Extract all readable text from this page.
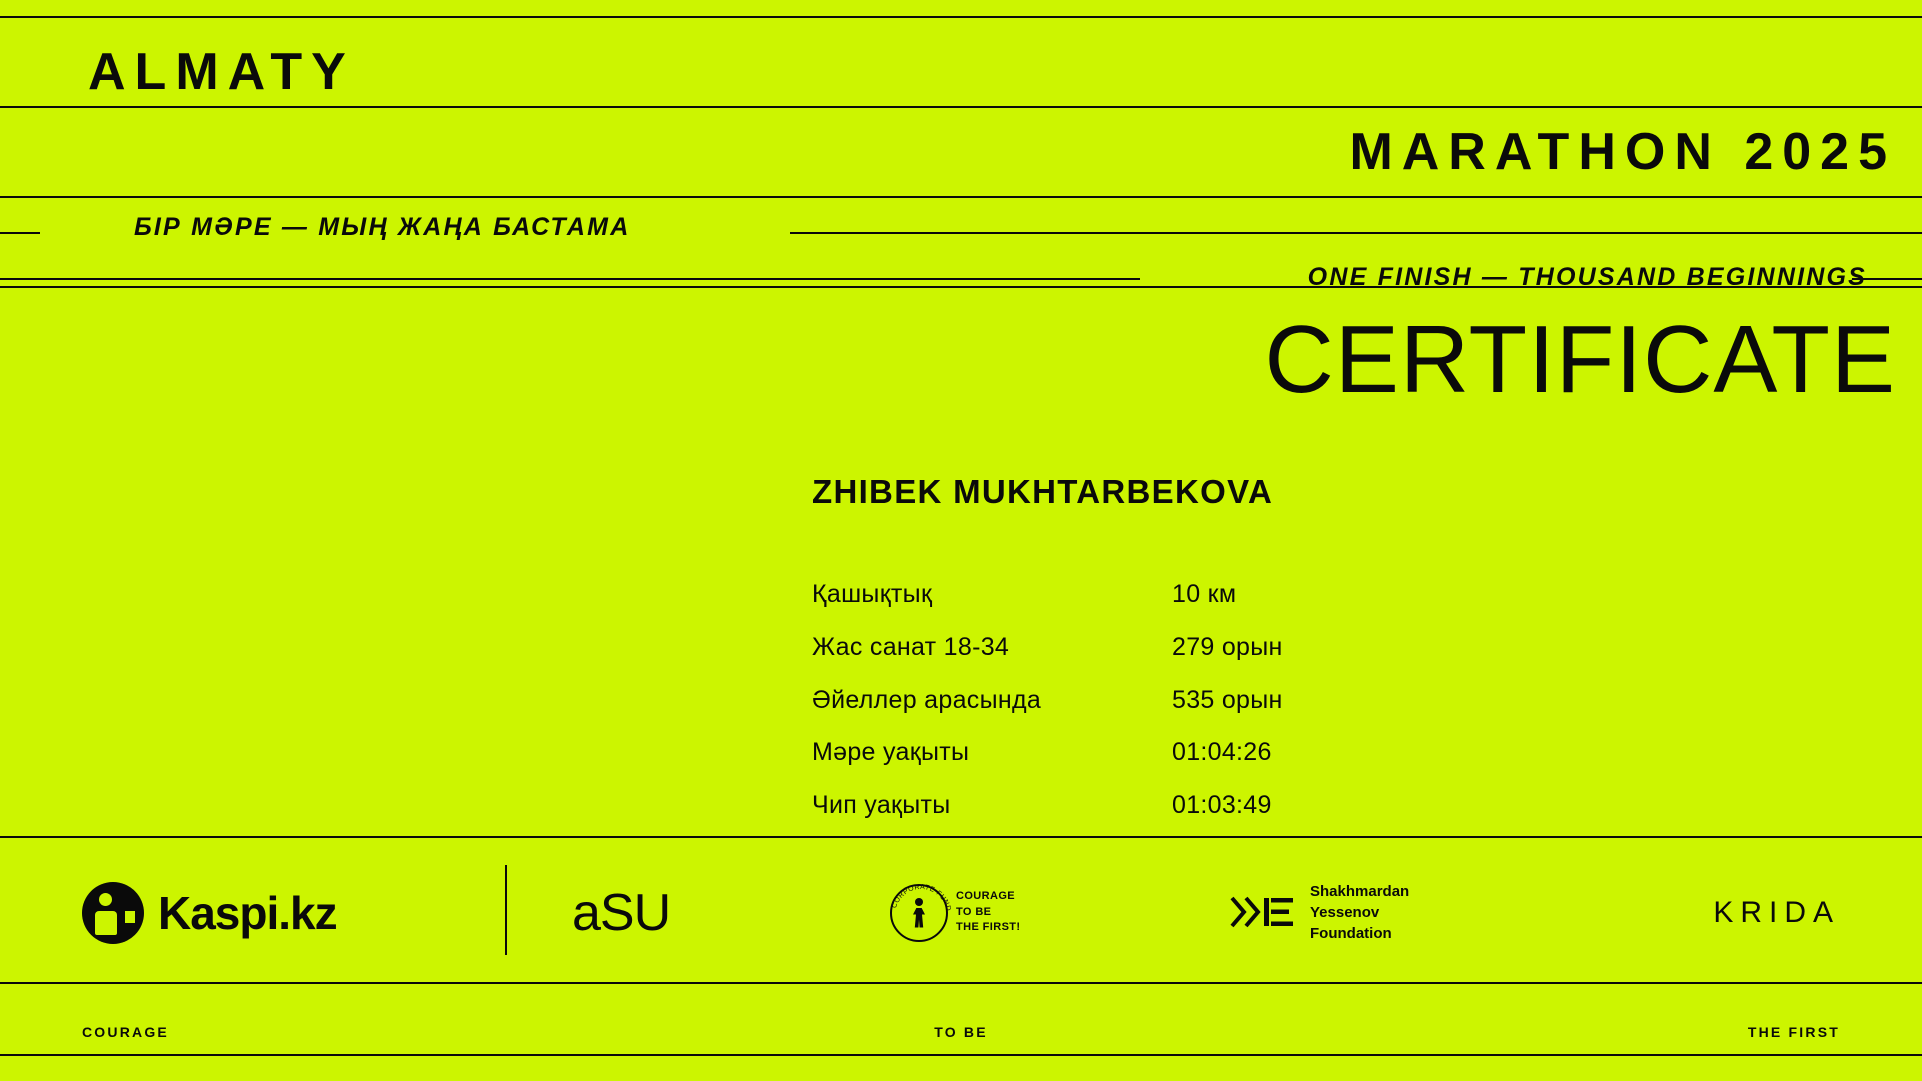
ALMATY
MARATHON 2025
БІР МӘРЕ — МЫҢ ЖАҢА БАСТАМА
ONE FINISH — THOUSAND BEGINNINGS
CERTIFICATE
ZHIBEK MUKHTARBEKOVA
Қашықтық	10 км
Жас санат 18-34	279 орын
Әйеллер арасында	535 орын
Мәре уақыты	01:04:26
Чип уақыты	01:03:49
Kaspi.kz	aSU	CORPORATE FUND
COURAGE
TO BE
THE FIRST!
Shakhmardan
Yessenov
Foundation
KRIDA
COURAGE	TO BE	THE FIRST
